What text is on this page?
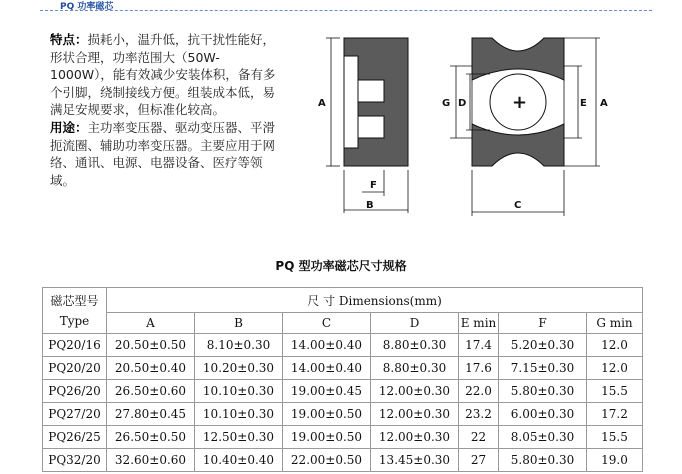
PQ 功率磁芯

特点：损耗小，温升低，抗干扰性能好，形状合理，功率范围大（50W-1000W），能有效减少安装体积，备有多个引脚，绕制接线方便。组装成本低，易满足安规要求，但标准化较高。

用途：主功率变压器、驱动变压器、平滑扼流圈、辅助功率变压器。主要应用于网络、通讯、电源、电器设备、医疗等领域。

A
F
B
G D	E A
C
+
PQ 型功率磁芯尺寸规格
磁芯型号
Type	尺 寸 Dimensions(mm)						
	A	B	C	D	E min	F	G min
PQ20/16	20.50±0.50	8.10±0.30	14.00±0.40	8.80±0.30	17.4	5.20±0.30	12.0
PQ20/20	20.50±0.40	10.20±0.30	14.00±0.40	8.80±0.30	17.6	7.15±0.30	12.0
PQ26/20	26.50±0.60	10.10±0.30	19.00±0.45	12.00±0.30	22.0	5.80±0.30	15.5
PQ27/20	27.80±0.45	10.10±0.30	19.00±0.50	12.00±0.30	23.2	6.00±0.30	17.2
PQ26/25	26.50±0.50	12.50±0.30	19.00±0.50	12.00±0.30	22	8.05±0.30	15.5
PQ32/20	32.60±0.60	10.40±0.40	22.00±0.50	13.45±0.30	27	5.80±0.30	19.0
